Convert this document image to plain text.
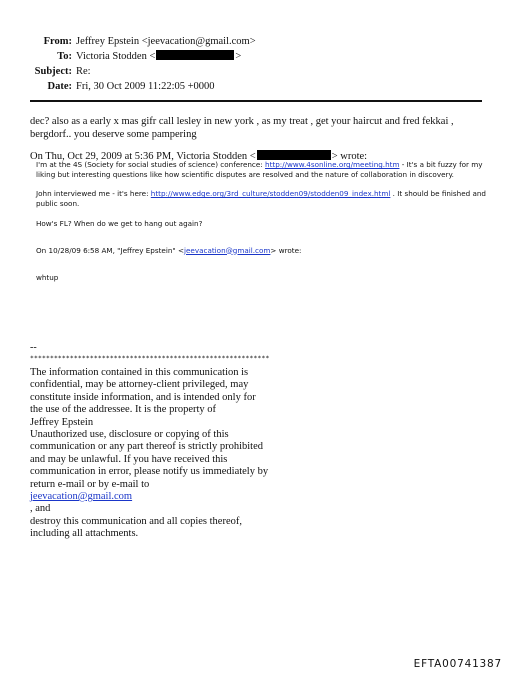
From: Jeffrey Epstein <jeevacation@gmail.com>
To: Victoria Stodden <	>
Subject: Re:
Date: Fri, 30 Oct 2009 11:22:05 +0000
dec? also as a early x mas gifr call lesley in new york , as my treat , get your haircut and fred fekkai ,
bergdorf.. you deserve some pampering
On Thu, Oct 29, 2009 at 5:36 PM, Victoria Stodden <	> wrote:

I'm at the 4S (Society for social studies of science) conference: http://www.4sonline.org/meeting.htm - It's a bit fuzzy for my liking but interesting questions like how scientific disputes are resolved and the nature of collaboration in discovery.

John interviewed me - it's here: http://www.edge.org/3rd_culture/stodden09/stodden09_index.html . It should be finished and public soon.

How's FL? When do we get to hang out again?

On 10/28/09 6:58 AM, "Jeffrey Epstein" <jeevacation@gmail.com> wrote:

whtup

--
************************************************************
The information contained in this communication is
confidential, may be attorney-client privileged, may
constitute inside information, and is intended only for
the use of the addressee. It is the property of
Jeffrey Epstein
Unauthorized use, disclosure or copying of this
communication or any part thereof is strictly prohibited
and may be unlawful. If you have received this
communication in error, please notify us immediately by
return e-mail or by e-mail to
jeevacation@gmail.com
, and
destroy this communication and all copies thereof,
including all attachments.
EFTA00741387
